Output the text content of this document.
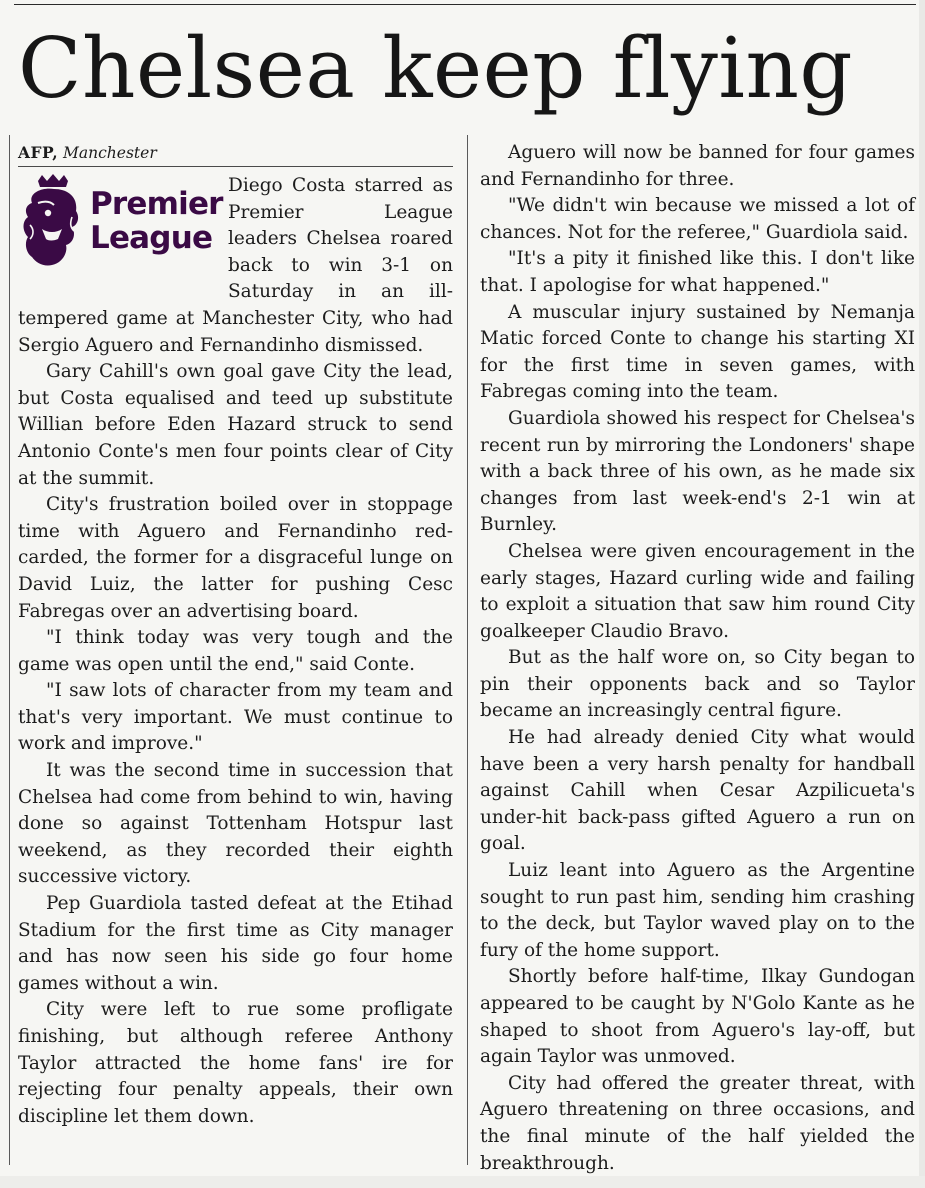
Chelsea keep flying
AFP, Manchester
Premier
League

Diego Costa starred as Premier League leaders Chelsea roared back to win 3-1 on Saturday in an ill-tempered game at Manchester City, who had Sergio Aguero and Fernandinho dismissed.

Gary Cahill's own goal gave City the lead, but Costa equalised and teed up substitute Willian before Eden Hazard struck to send Antonio Conte's men four points clear of City at the summit.

City's frustration boiled over in stoppage time with Aguero and Fernandinho red-carded, the former for a disgraceful lunge on David Luiz, the latter for pushing Cesc Fabregas over an advertising board.

"I think today was very tough and the game was open until the end," said Conte.

"I saw lots of character from my team and that's very important. We must continue to work and improve."

It was the second time in succession that Chelsea had come from behind to win, having done so against Tottenham Hotspur last weekend, as they recorded their eighth successive victory.

Pep Guardiola tasted defeat at the Etihad Stadium for the first time as City manager and has now seen his side go four home games without a win.

City were left to rue some profligate finishing, but although referee Anthony Taylor attracted the home fans' ire for rejecting four penalty appeals, their own discipline let them down.

Aguero will now be banned for four games and Fernandinho for three.

"We didn't win because we missed a lot of chances. Not for the referee," Guardiola said.

"It's a pity it finished like this. I don't like that. I apologise for what happened."

A muscular injury sustained by Nemanja Matic forced Conte to change his starting XI for the first time in seven games, with Fabregas coming into the team.

Guardiola showed his respect for Chelsea's recent run by mirroring the Londoners' shape with a back three of his own, as he made six changes from last week-end's 2-1 win at Burnley.

Chelsea were given encouragement in the early stages, Hazard curling wide and failing to exploit a situation that saw him round City goalkeeper Claudio Bravo.

But as the half wore on, so City began to pin their opponents back and so Taylor became an increasingly central figure.

He had already denied City what would have been a very harsh penalty for handball against Cahill when Cesar Azpilicueta's under-hit back-pass gifted Aguero a run on goal.

Luiz leant into Aguero as the Argentine sought to run past him, sending him crashing to the deck, but Taylor waved play on to the fury of the home support.

Shortly before half-time, Ilkay Gundogan appeared to be caught by N'Golo Kante as he shaped to shoot from Aguero's lay-off, but again Taylor was unmoved.

City had offered the greater threat, with Aguero threatening on three occasions, and the final minute of the half yielded the breakthrough.
